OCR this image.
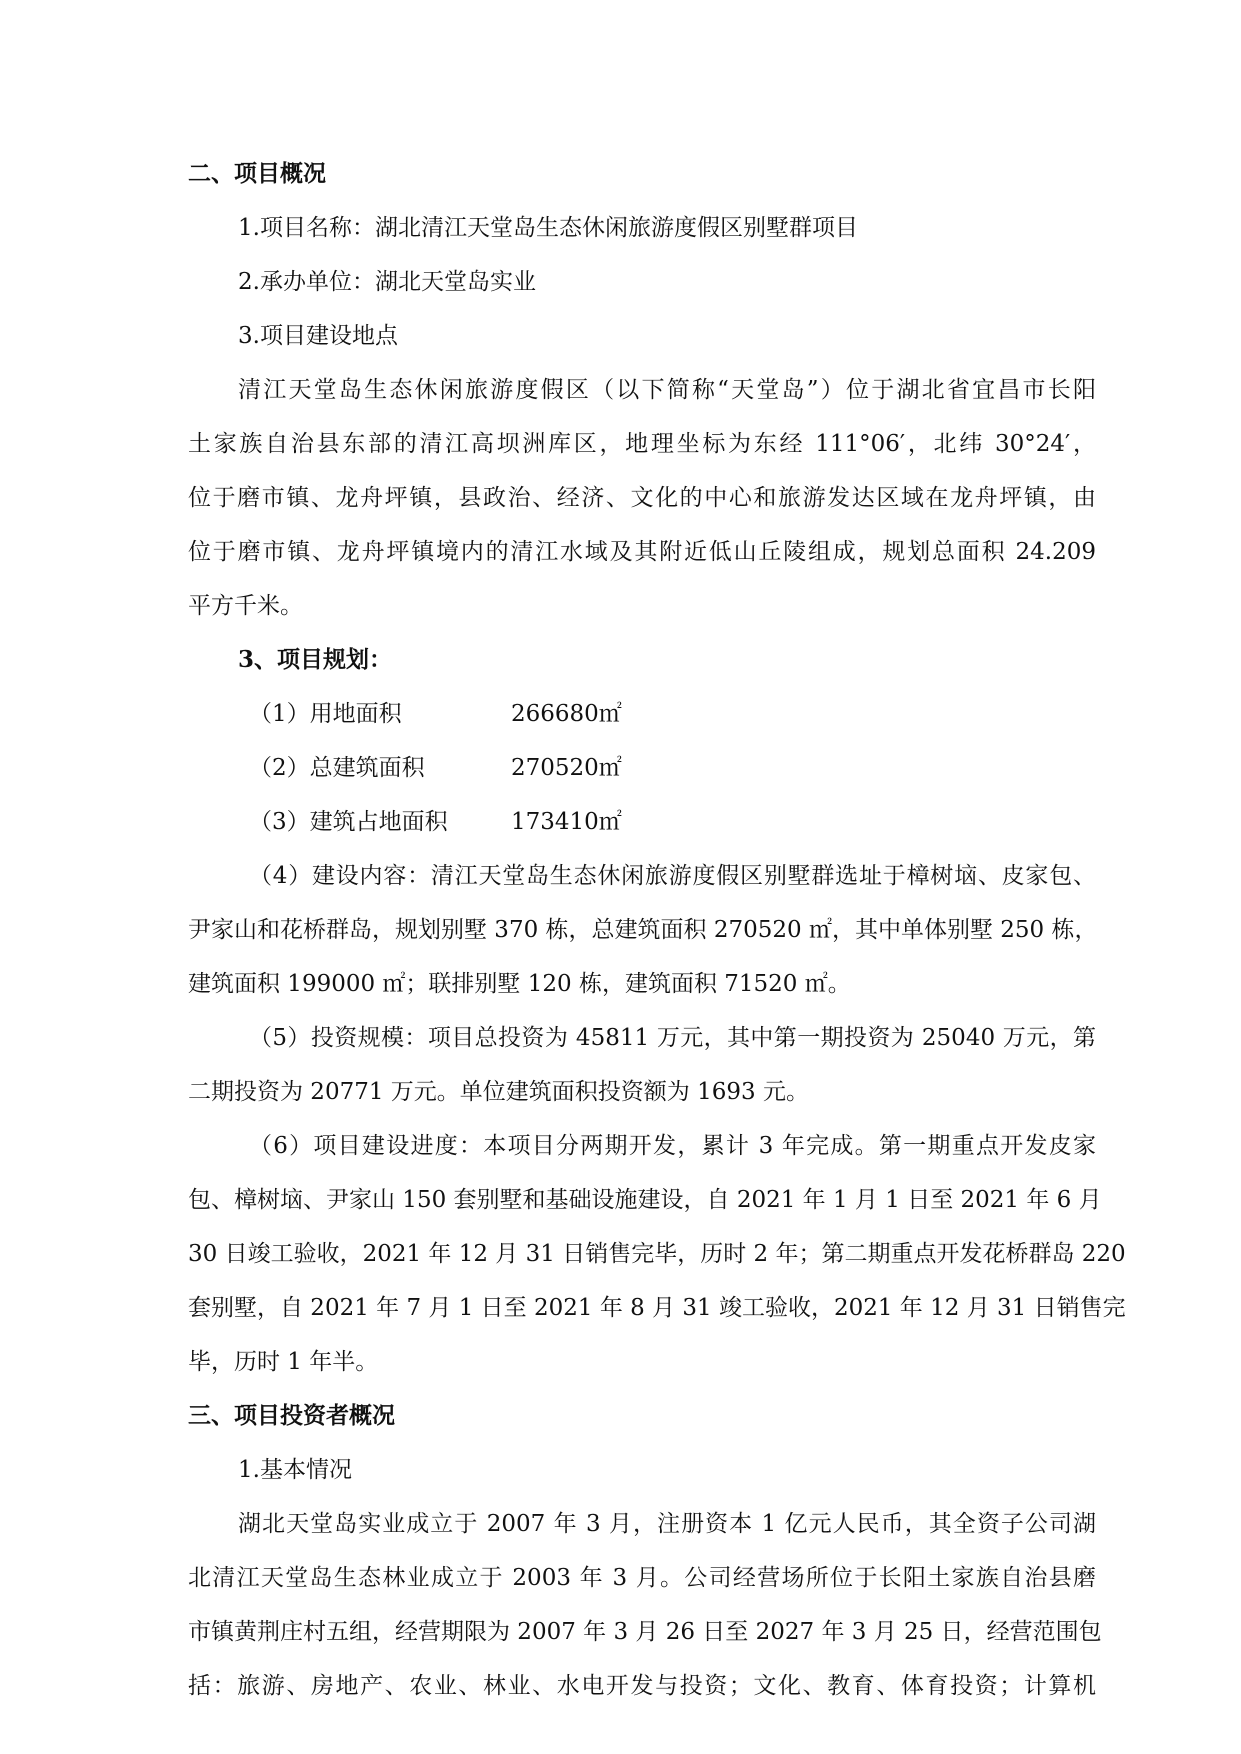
二、项目概况

1.项目名称：湖北清江天堂岛生态休闲旅游度假区别墅群项目

2.承办单位：湖北天堂岛实业

3.项目建设地点

清江天堂岛生态休闲旅游度假区（以下简称“天堂岛”）位于湖北省宜昌市长阳

土家族自治县东部的清江高坝洲库区，地理坐标为东经 111°06′，北纬 30°24′，

位于磨市镇、龙舟坪镇，县政治、经济、文化的中心和旅游发达区域在龙舟坪镇，由

位于磨市镇、龙舟坪镇境内的清江水域及其附近低山丘陵组成，规划总面积 24.209

平方千米。

3、项目规划：

（1）用地面积	266680㎡

（2）总建筑面积	270520㎡

（3）建筑占地面积	173410㎡

（4）建设内容：清江天堂岛生态休闲旅游度假区别墅群选址于樟树垴、皮家包、

尹家山和花桥群岛，规划别墅 370 栋，总建筑面积 270520 ㎡，其中单体别墅 250 栋，

建筑面积 199000 ㎡；联排别墅 120 栋，建筑面积 71520 ㎡。

（5）投资规模：项目总投资为 45811 万元，其中第一期投资为 25040 万元，第

二期投资为 20771 万元。单位建筑面积投资额为 1693 元。

（6）项目建设进度：本项目分两期开发，累计 3 年完成。第一期重点开发皮家

包、樟树垴、尹家山 150 套别墅和基础设施建设，自 2021 年 1 月 1 日至 2021 年 6 月

30 日竣工验收，2021 年 12 月 31 日销售完毕，历时 2 年；第二期重点开发花桥群岛 220

套别墅，自 2021 年 7 月 1 日至 2021 年 8 月 31 竣工验收，2021 年 12 月 31 日销售完

毕，历时 1 年半。

三、项目投资者概况

1.基本情况

湖北天堂岛实业成立于 2007 年 3 月，注册资本 1 亿元人民币，其全资子公司湖

北清江天堂岛生态林业成立于 2003 年 3 月。公司经营场所位于长阳土家族自治县磨

市镇黄荆庄村五组，经营期限为 2007 年 3 月 26 日至 2027 年 3 月 25 日，经营范围包

括：旅游、房地产、农业、林业、水电开发与投资；文化、教育、体育投资；计算机
